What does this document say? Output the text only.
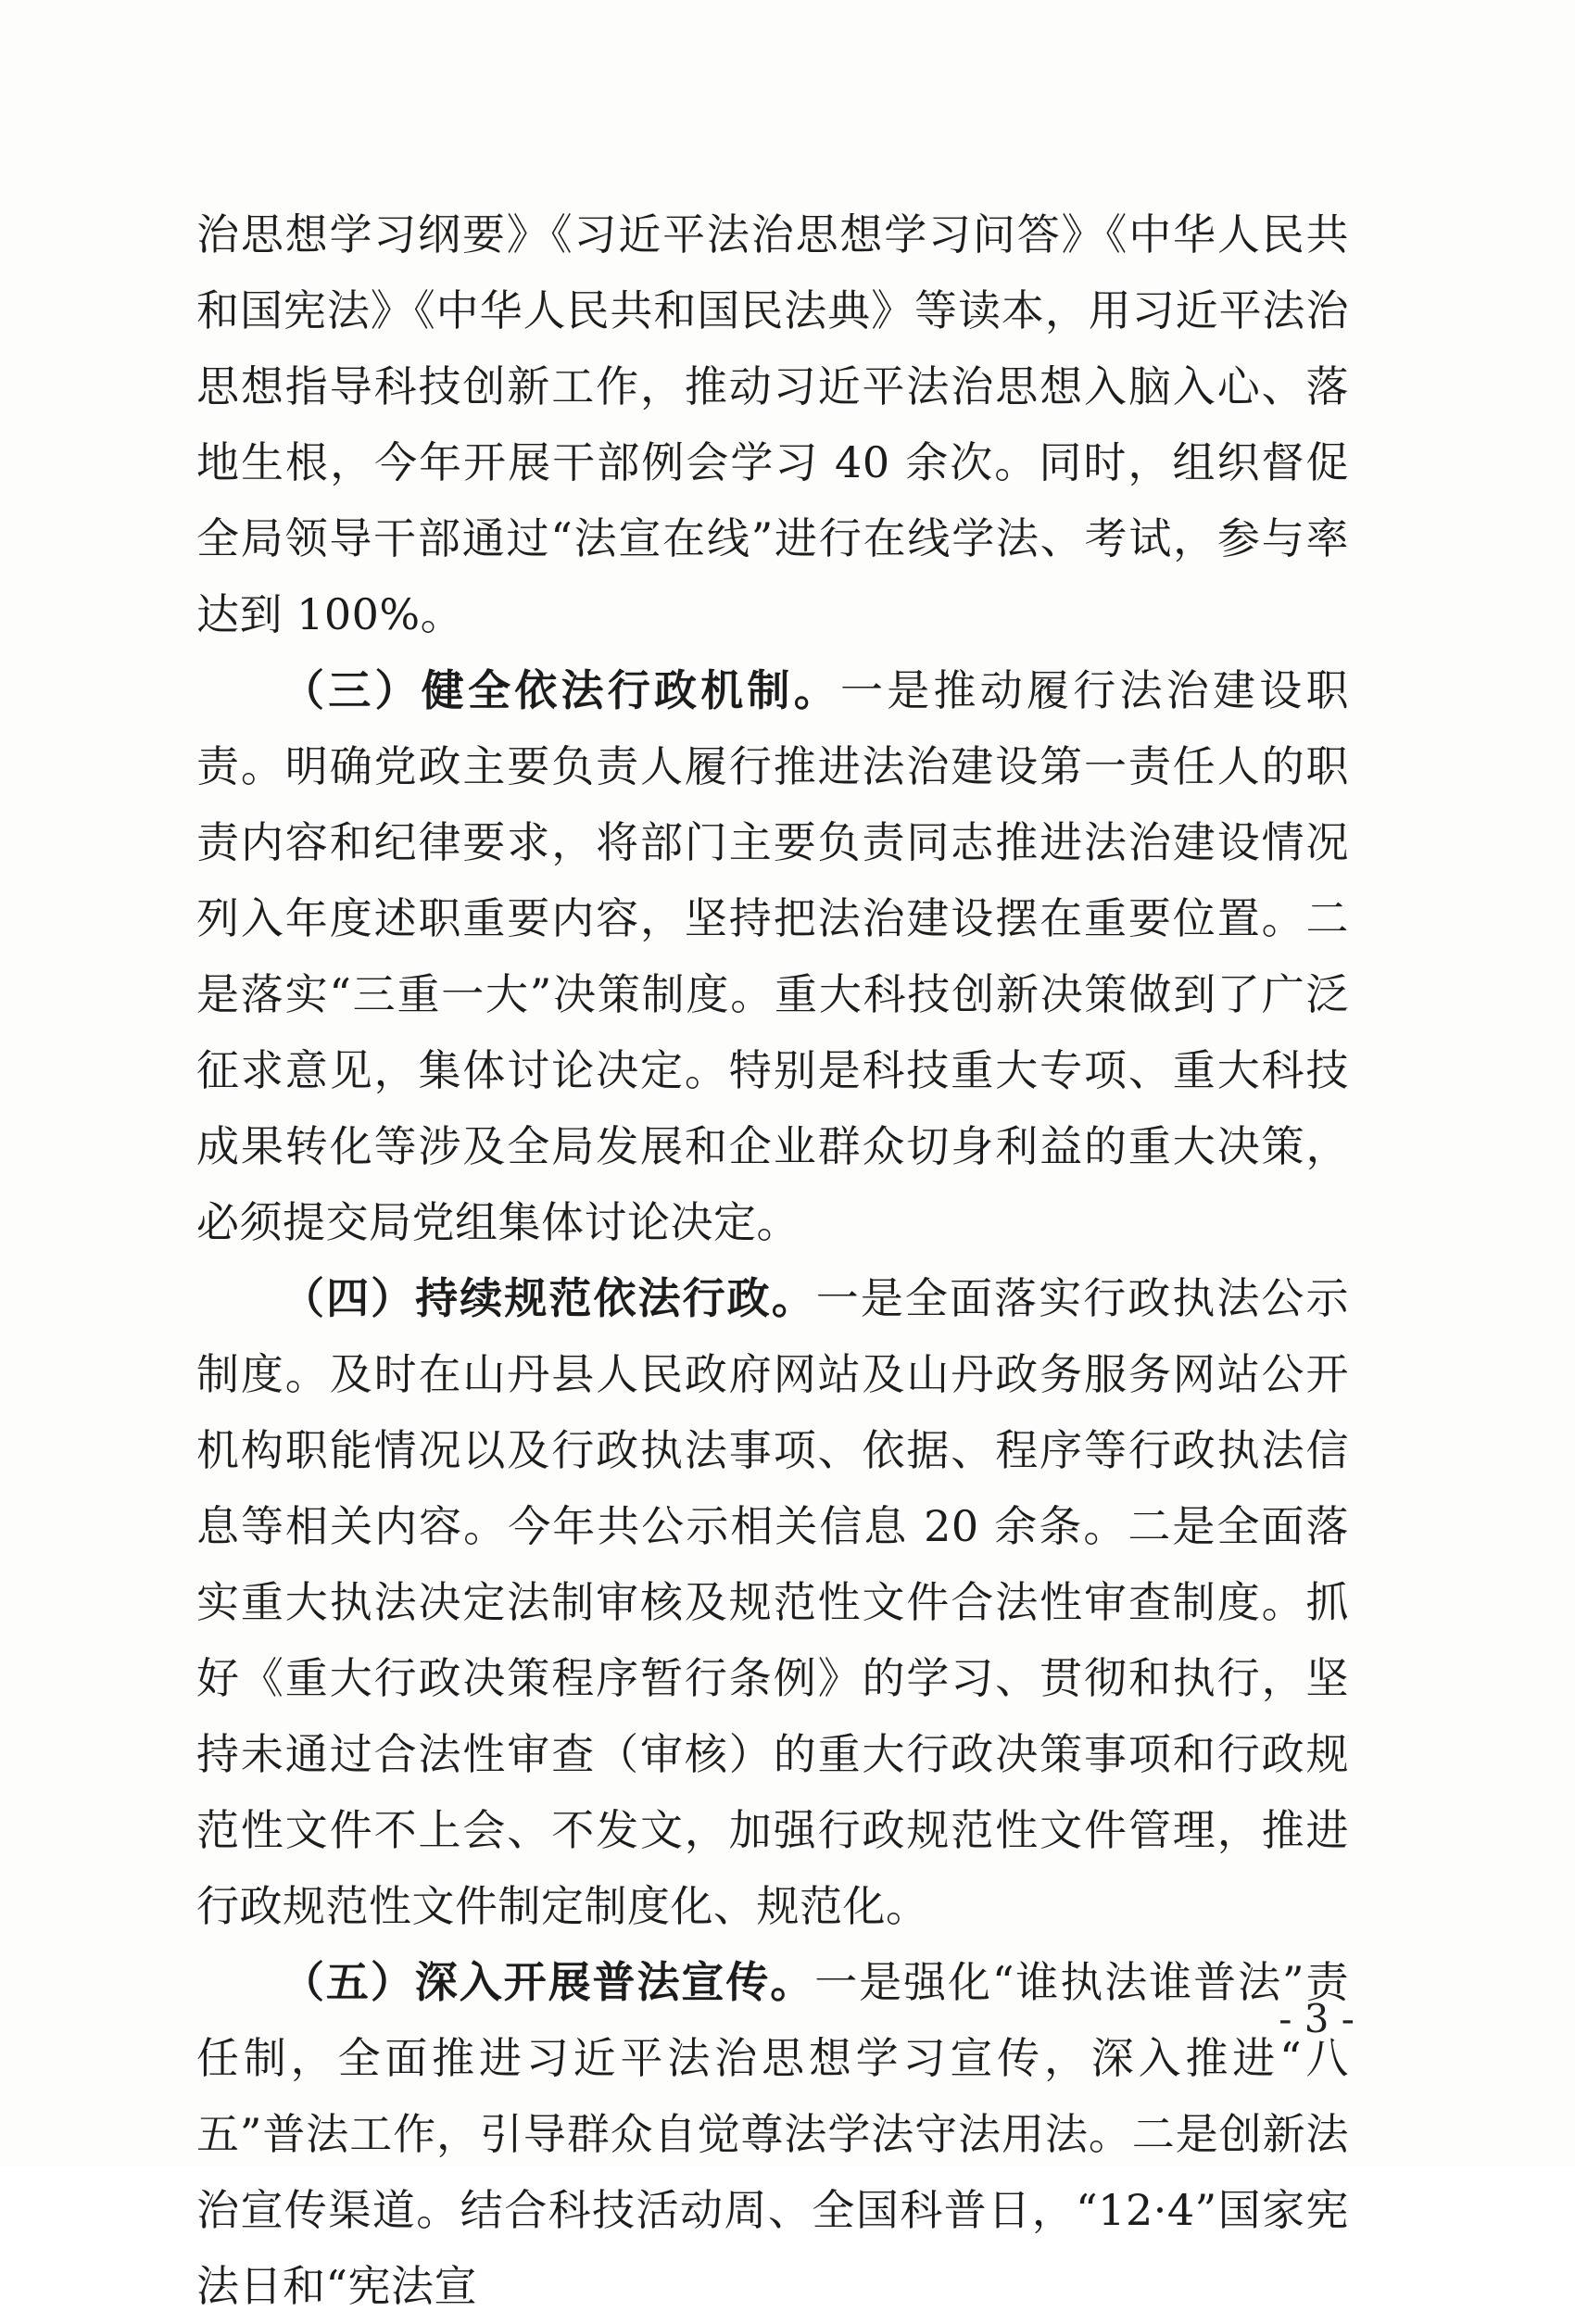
治思想学习纲要》《习近平法治思想学习问答》《中华人民共和国宪法》《中华人民共和国民法典》等读本，用习近平法治思想指导科技创新工作，推动习近平法治思想入脑入心、落地生根，今年开展干部例会学习 40 余次。同时，组织督促全局领导干部通过“法宣在线”进行在线学法、考试，参与率达到 100%。

（三）健全依法行政机制。一是推动履行法治建设职责。明确党政主要负责人履行推进法治建设第一责任人的职责内容和纪律要求，将部门主要负责同志推进法治建设情况列入年度述职重要内容，坚持把法治建设摆在重要位置。二是落实“三重一大”决策制度。重大科技创新决策做到了广泛征求意见，集体讨论决定。特别是科技重大专项、重大科技成果转化等涉及全局发展和企业群众切身利益的重大决策，必须提交局党组集体讨论决定。

（四）持续规范依法行政。一是全面落实行政执法公示制度。及时在山丹县人民政府网站及山丹政务服务网站公开机构职能情况以及行政执法事项、依据、程序等行政执法信息等相关内容。今年共公示相关信息 20 余条。二是全面落实重大执法决定法制审核及规范性文件合法性审查制度。抓好《重大行政决策程序暂行条例》的学习、贯彻和执行，坚持未通过合法性审查（审核）的重大行政决策事项和行政规范性文件不上会、不发文，加强行政规范性文件管理，推进行政规范性文件制定制度化、规范化。

（五）深入开展普法宣传。一是强化“谁执法谁普法”责任制，全面推进习近平法治思想学习宣传，深入推进“八五”普法工作，引导群众自觉尊法学法守法用法。二是创新法治宣传渠道。结合科技活动周、全国科普日，“12·4”国家宪法日和“宪法宣

- 3 -
